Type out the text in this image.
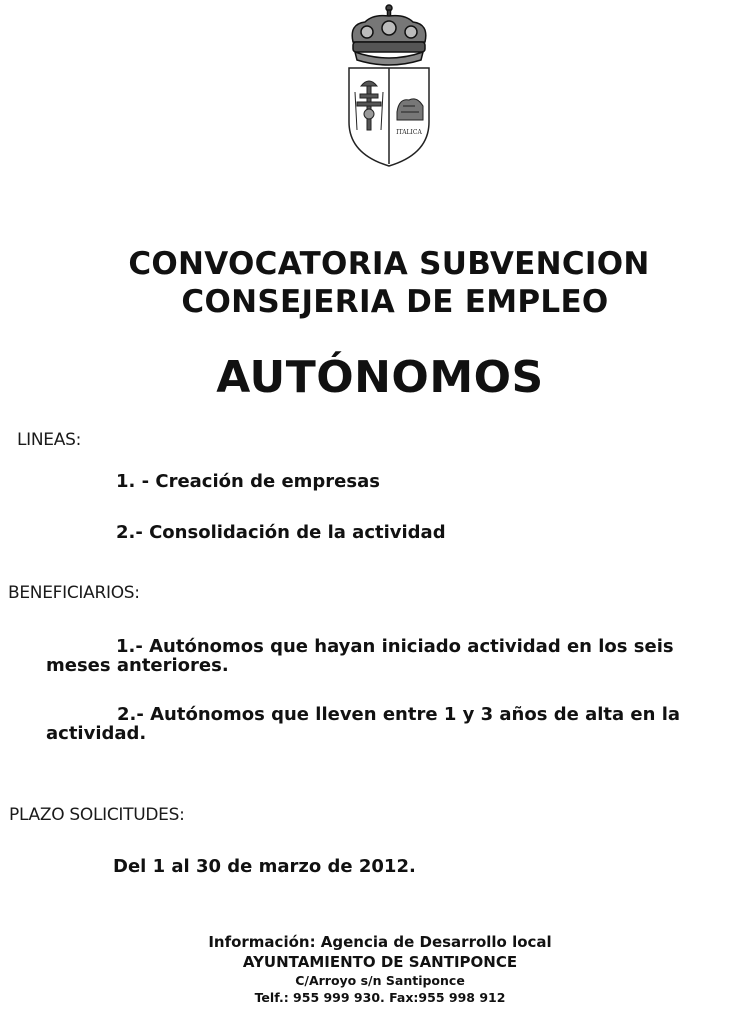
ITALICA
CONVOCATORIA SUBVENCION
CONSEJERIA DE EMPLEO
AUTÓNOMOS
LINEAS:
1. - Creación de empresas
2.- Consolidación de la actividad
BENEFICIARIOS:
1.- Autónomos que hayan iniciado actividad en los seis
meses anteriores.
2.- Autónomos que lleven entre 1 y 3 años de alta en la
actividad.
PLAZO SOLICITUDES:
Del 1 al 30 de marzo de 2012.
Información: Agencia de Desarrollo local
AYUNTAMIENTO DE SANTIPONCE
C/Arroyo s/n Santiponce
Telf.: 955 999 930. Fax:955 998 912
